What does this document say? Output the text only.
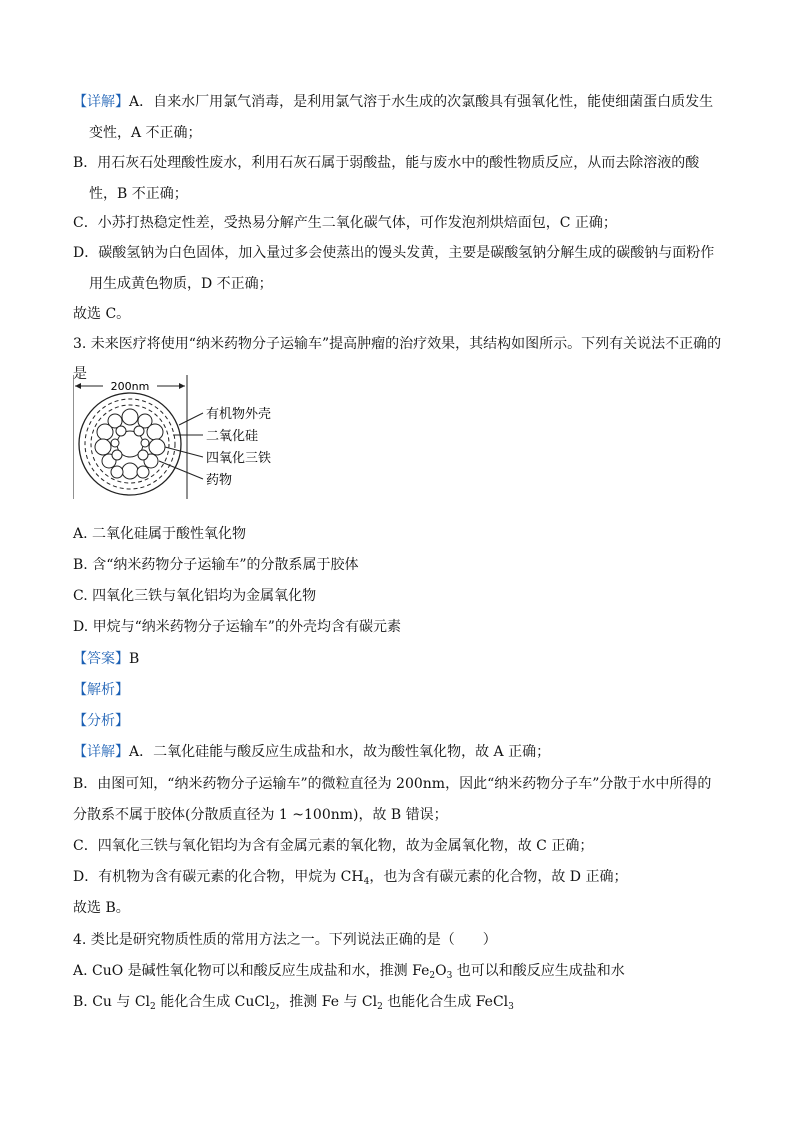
【详解】A．自来水厂用氯气消毒，是利用氯气溶于水生成的次氯酸具有强氧化性，能使细菌蛋白质发生
变性，A 不正确；
B．用石灰石处理酸性废水，利用石灰石属于弱酸盐，能与废水中的酸性物质反应，从而去除溶液的酸
性，B 不正确；
C．小苏打热稳定性差，受热易分解产生二氧化碳气体，可作发泡剂烘焙面包，C 正确；
D．碳酸氢钠为白色固体，加入量过多会使蒸出的馒头发黄，主要是碳酸氢钠分解生成的碳酸钠与面粉作
用生成黄色物质，D 不正确；
故选 C。
3. 未来医疗将使用“纳米药物分子运输车”提高肿瘤的治疗效果，其结构如图所示。下列有关说法不正确的
是
200nm
有机物外壳
二氧化硅
四氧化三铁
药物
A. 二氧化硅属于酸性氧化物
B. 含“纳米药物分子运输车”的分散系属于胶体
C. 四氧化三铁与氧化铝均为金属氧化物
D. 甲烷与“纳米药物分子运输车”的外壳均含有碳元素
【答案】B
【解析】
【分析】
【详解】A．二氧化硅能与酸反应生成盐和水，故为酸性氧化物，故 A 正确；
B．由图可知，“纳米药物分子运输车”的微粒直径为 200nm，因此“纳米药物分子车”分散于水中所得的
分散系不属于胶体(分散质直径为 1 ~100nm)，故 B 错误；
C．四氧化三铁与氧化铝均为含有金属元素的氧化物，故为金属氧化物，故 C 正确；
D．有机物为含有碳元素的化合物，甲烷为 $CH_4$，也为含有碳元素的化合物，故 D 正确；
故选 B。
4. 类比是研究物质性质的常用方法之一。下列说法正确的是（　　）
A. CuO 是碱性氧化物可以和酸反应生成盐和水，推测 $Fe_2O_3$ 也可以和酸反应生成盐和水
B. Cu 与 $Cl_2$ 能化合生成 CuCl$_2$，推测 Fe 与 $Cl_2$ 也能化合生成 FeCl$_3$
